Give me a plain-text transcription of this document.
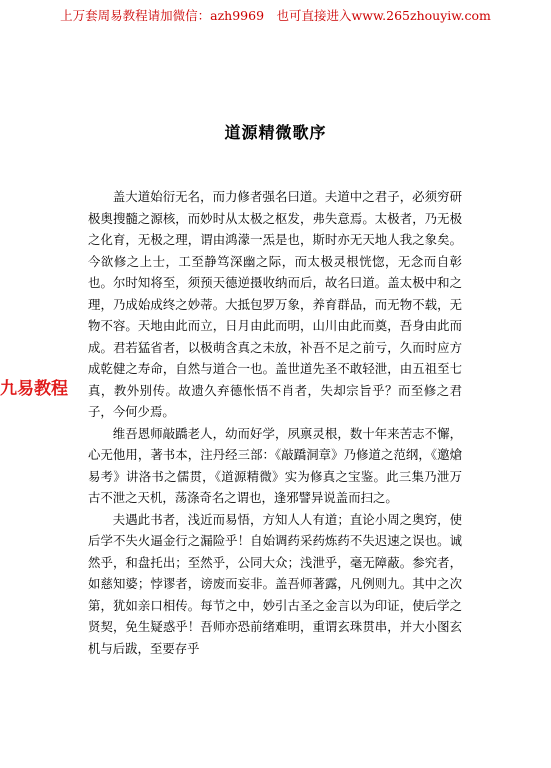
上万套周易教程请加微信：azh9969　也可直接进入www.265zhouyiw.com
道源精微歌序

盖大道始衍无名，而力修者强名曰道。夫道中之君子，必须穷研极奥搜髓之源核，而妙时从太极之枢发，弗失意焉。太极者，乃无极之化育，无极之理，谓由鸿濛一炁是也，斯时亦无天地人我之象矣。今欲修之上士，工至静笃深幽之际，而太极灵根恍惚，无念而自彰也。尔时知将至，须预天德逆摄收纳而后，故名曰道。盖太极中和之理，乃成始成终之妙蒂。大抵包罗万象，养育群品，而无物不载，无物不容。天地由此而立，日月由此而明，山川由此而奠，吾身由此而成。君若猛省者，以极萌含真之未放，补吾不足之前亏，久而时应方成乾健之寿命，自然与道合一也。盖世道先圣不敢轻泄，由五祖至七真，教外别传。故遗久弃德怅悟不肖者，失却宗旨乎？而至修之君子，今何少焉。

维吾恩师敲蹻老人，幼而好学，夙禀灵根，数十年来苦志不懈，心无他用，著书本，注丹经三部：《敲蹻洞章》乃修道之范纲，《邀熗易考》讲洛书之儒贯，《道源精微》实为修真之宝鉴。此三集乃泄万古不泄之天机，荡涤奇名之谓也，逢邪譬异说盖而扫之。

夫遇此书者，浅近而易悟，方知人人有道；直论小周之奥窍，使后学不失火逼金行之漏险乎！自始调药采药炼药不失迟速之误也。诚然乎，和盘托出；至然乎，公同大众；浅泄乎，毫无障蔽。参究者，如慈知婆；悖谬者，谤废而妄非。盖吾师著露，凡例则九。其中之次第，犹如亲口相传。每节之中，妙引古圣之金言以为印证，使后学之贤契，免生疑惑乎！吾师亦恐前绪难明，重谓玄珠贯串，并大小图玄机与后跋，至要存乎

九易教程
